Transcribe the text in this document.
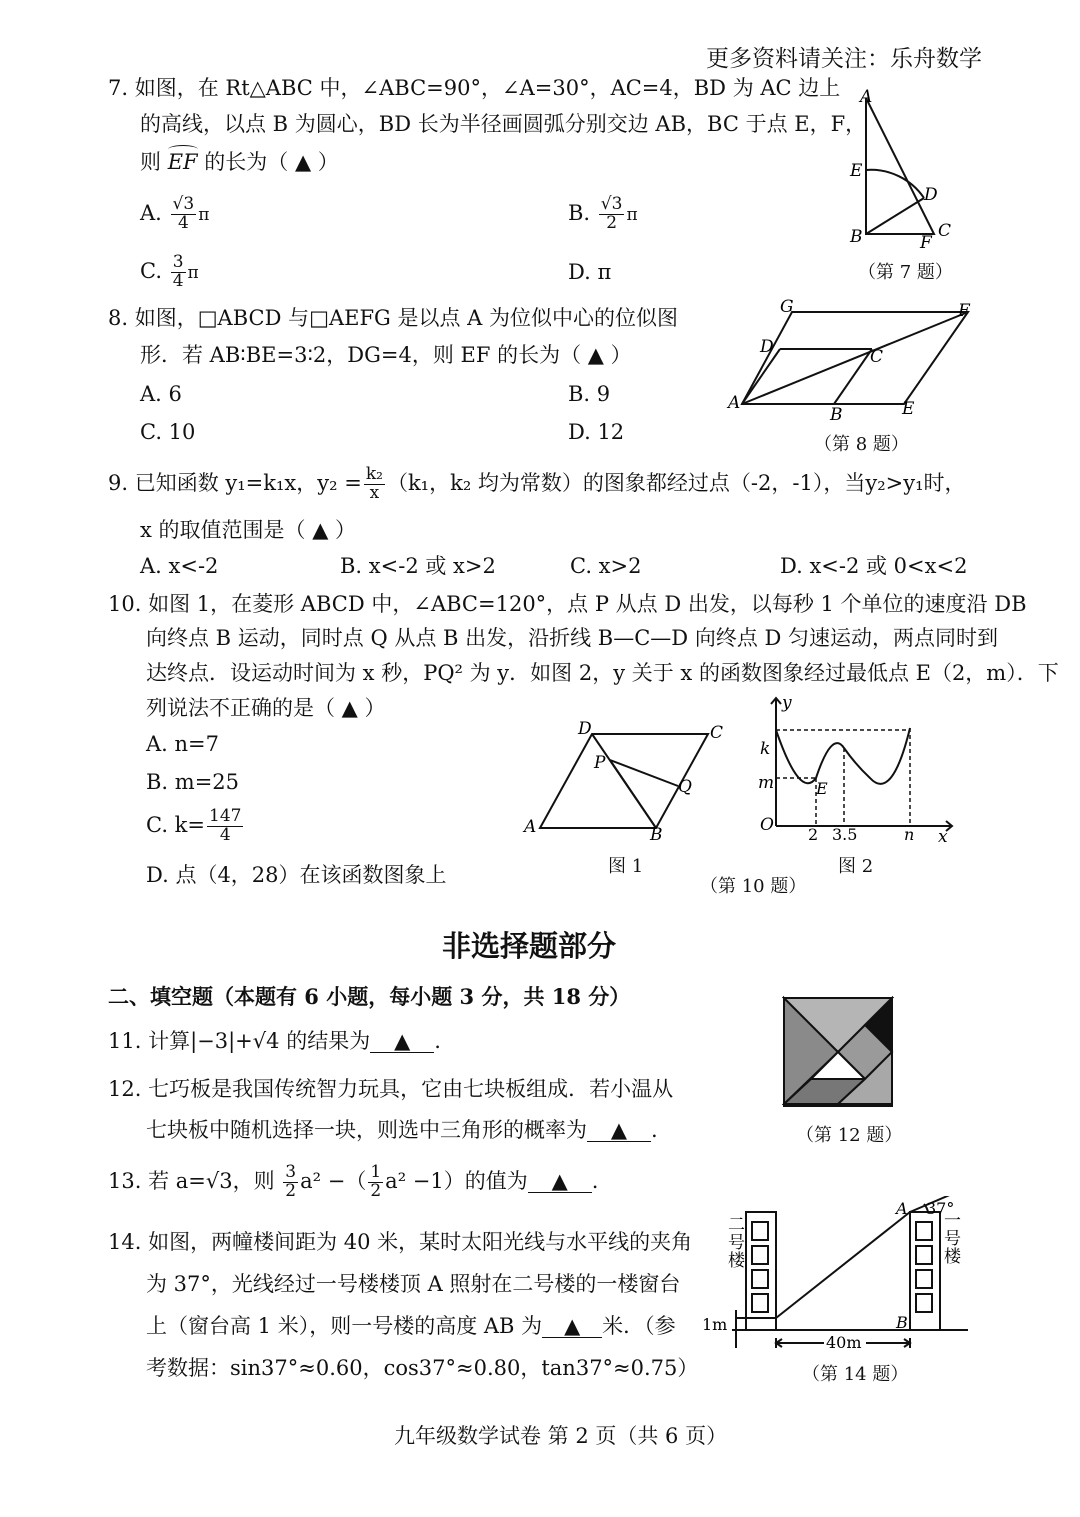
更多资料请关注：乐舟数学
7. 如图，在 Rt△ABC 中，∠ABC=90°，∠A=30°，AC=4，BD 为 AC 边上
的高线，以点 B 为圆心，BD 长为半径画圆弧分别交边 AB，BC 于点 E，F，
则 EF 的长为（ ▲ ）
A. $\frac{√3}{4}$ π	B. $\frac{√3}{2}$ π
C. $\frac{3}{4}$ π	D. π
A
E
D
B	F
C
（第 7 题）
8. 如图，□ABCD 与□AEFG 是以点 A 为位似中心的位似图
形．若 AB∶BE=3∶2，DG=4，则 EF 的长为（ ▲ ）
A. 6	B. 9
C. 10	D. 12
G	F
D	C
A
B	E
（第 8 题）
9. 已知函数 y₁=k₁x，$y_2 = \frac{\text{k₂}}{x} (k_1$，k₂ 均为常数）的图象都经过点（-2，-1），当y₂>y₁时，
x 的取值范围是（ ▲ ）
A. x<-2	B. x<-2 或 x>2	C. x>2	D. x<-2 或 0<x<2
10. 如图 1，在菱形 ABCD 中，∠ABC=120°，点 P 从点 D 出发，以每秒 1 个单位的速度沿 DB
向终点 B 运动，同时点 Q 从点 B 出发，沿折线 B—C—D 向终点 D 匀速运动，两点同时到
达终点．设运动时间为 x 秒，PQ² 为 y．如图 2，y 关于 x 的函数图象经过最低点 E（2，m）．下
列说法不正确的是（ ▲ ）
A. n=7
B. m=25
C. $k= \frac{147}{4}$
D. 点（4，28）在该函数图象上
D	C
P
Q
A	B
图 1
y
k
m	E
O 2 3.5	n x
图 2
（第 10 题）
非选择题部分
二、填空题（本题有 6 小题，每小题 3 分，共 18 分）
11. 计算|−3|+√4 的结果为 ▲ .
12. 七巧板是我国传统智力玩具，它由七块板组成．若小温从
七块板中随机选择一块，则选中三角形的概率为 ▲ .	（第 12 题）
13. 若 a=√3，则 $\frac{3}{2} a^2$ −（ $\frac{1}{2} a^2 -1$）的值为 ▲ .
14. 如图，两幢楼间距为 40 米，某时太阳光线与水平线的夹角
为 37°，光线经过一号楼楼顶 A 照射在二号楼的一楼窗台
上（窗台高 1 米），则一号楼的高度 AB 为 ▲ 米．（参
考数据：sin37°≈0.60，cos37°≈0.80，tan37°≈0.75）
二号楼
一号楼
A 37°
B
1m
40m
（第 14 题）
九年级数学试卷 第 2 页（共 6 页）
